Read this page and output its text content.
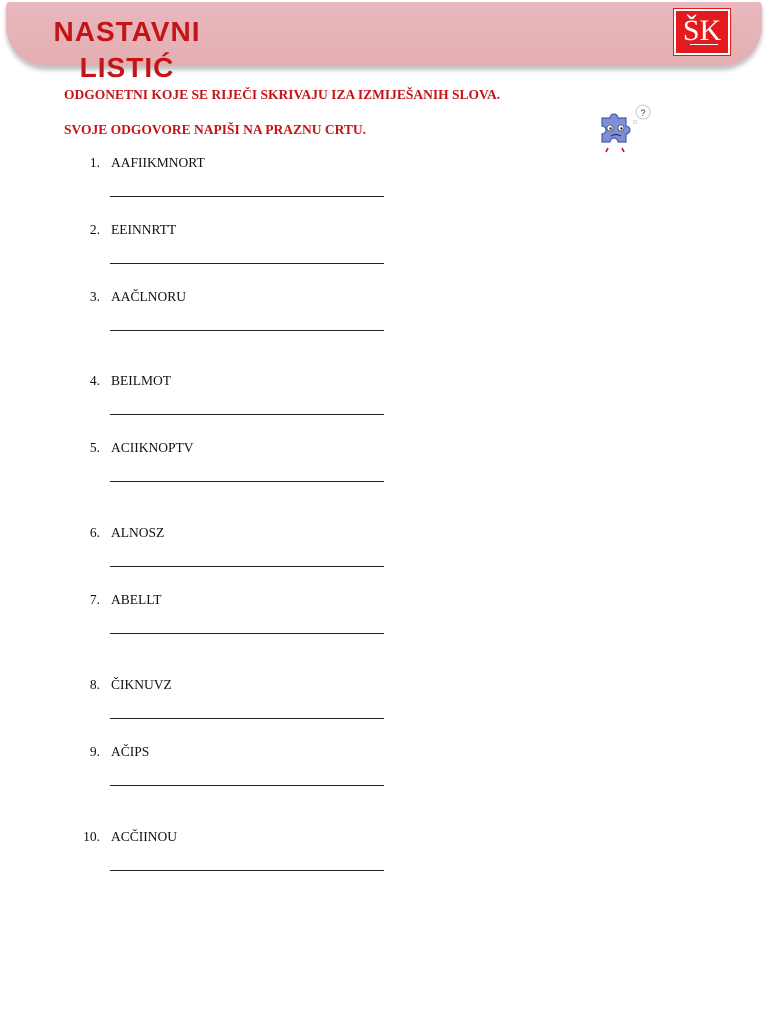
NASTAVNI
LISTIĆ
ŠK

ODGONETNI KOJE SE RIJEČI SKRIVAJU IZA IZMIJEŠANIH SLOVA.

SVOJE ODGOVORE NAPIŠI NA PRAZNU CRTU.

?
1. AAFIIKMNORT
2. EEINNRTT
3. AAČLNORU
4. BEILMOT
5. ACIIKNOPTV
6. ALNOSZ
7. ABELLT
8. ČIKNUVZ
9. AČIPS
10. ACČIINOU
